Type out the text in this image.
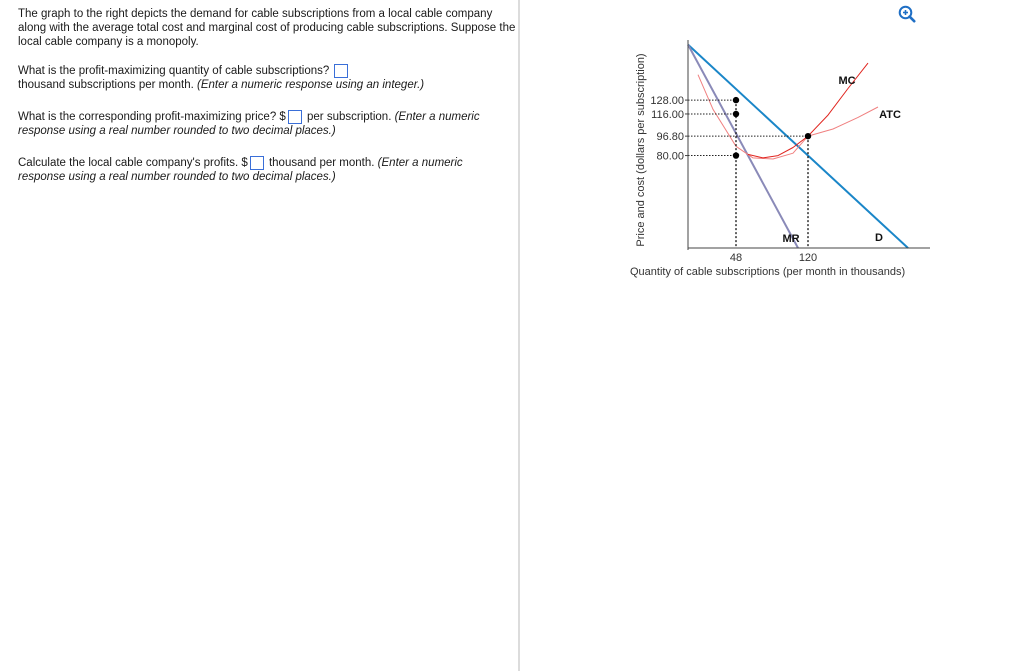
The graph to the right depicts the demand for cable subscriptions from a local cable company along with the average total cost and marginal cost of producing cable subscriptions. Suppose the local cable company is a monopoly.
What is the profit-maximizing quantity of cable subscriptions?
thousand subscriptions per month. (Enter a numeric response using an integer.)
What is the corresponding profit-maximizing price? $ per subscription. (Enter a numeric
response using a real number rounded to two decimal places.)
Calculate the local cable company's profits. $ thousand per month. (Enter a numeric
response using a real number rounded to two decimal places.)
128.00
116.00
96.80
80.00
48	120
Quantity of cable subscriptions (per month in thousands)
Price and cost (dollars per subscription)	D
MR
ATC
MC
